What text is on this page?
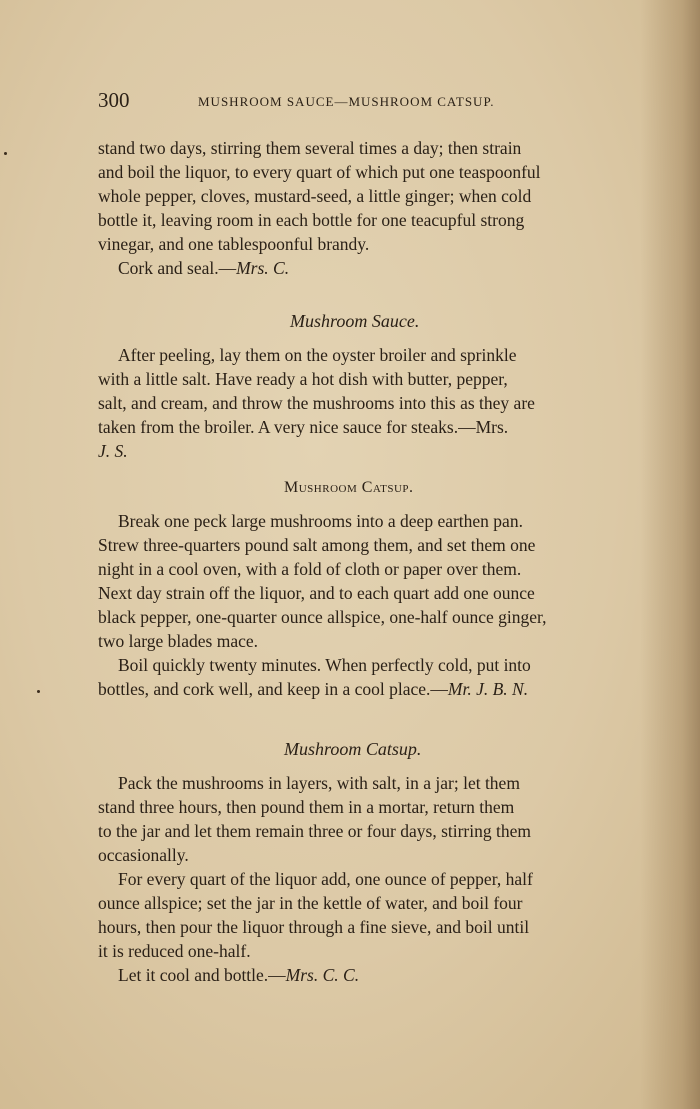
300	MUSHROOM SAUCE—MUSHROOM CATSUP.

stand two days, stirring them several times a day; then strain

and boil the liquor, to every quart of which put one teaspoonful

whole pepper, cloves, mustard-seed, a little ginger; when cold

bottle it, leaving room in each bottle for one teacupful strong

vinegar, and one tablespoonful brandy.

Cork and seal.—Mrs. C.

Mushroom Sauce.

After peeling, lay them on the oyster broiler and sprinkle

with a little salt. Have ready a hot dish with butter, pepper,

salt, and cream, and throw the mushrooms into this as they are

taken from the broiler. A very nice sauce for steaks.—Mrs.

J. S.

Mushroom Catsup.

Break one peck large mushrooms into a deep earthen pan.

Strew three-quarters pound salt among them, and set them one

night in a cool oven, with a fold of cloth or paper over them.

Next day strain off the liquor, and to each quart add one ounce

black pepper, one-quarter ounce allspice, one-half ounce ginger,

two large blades mace.

Boil quickly twenty minutes. When perfectly cold, put into

bottles, and cork well, and keep in a cool place.—Mr. J. B. N.

Mushroom Catsup.

Pack the mushrooms in layers, with salt, in a jar; let them

stand three hours, then pound them in a mortar, return them

to the jar and let them remain three or four days, stirring them

occasionally.

For every quart of the liquor add, one ounce of pepper, half

ounce allspice; set the jar in the kettle of water, and boil four

hours, then pour the liquor through a fine sieve, and boil until

it is reduced one-half.

Let it cool and bottle.—Mrs. C. C.
